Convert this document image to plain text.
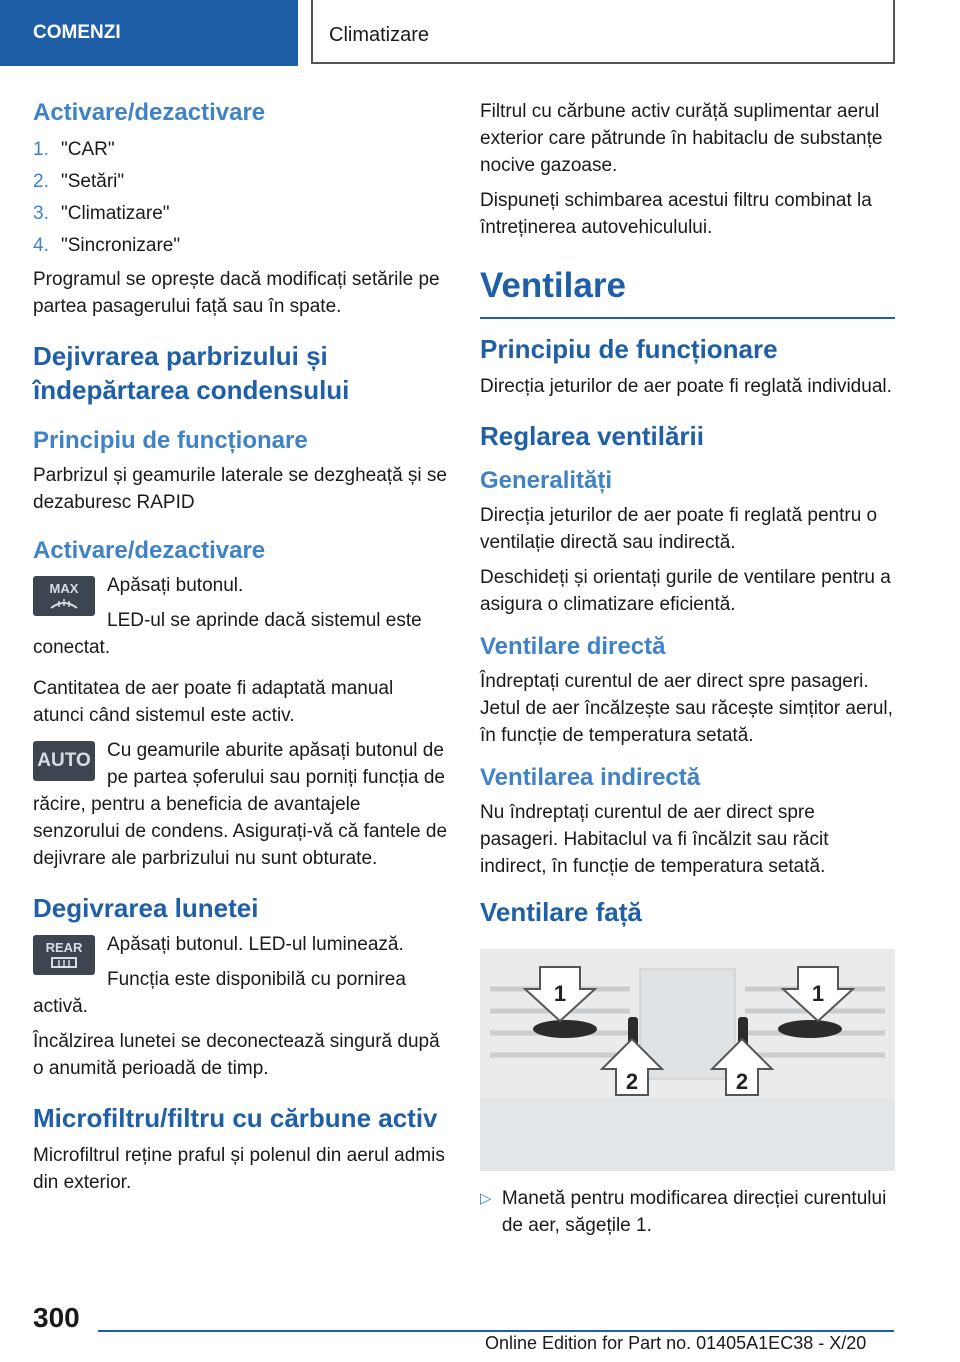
COMENZI	Climatizare
Activare/dezactivare
1. "CAR"
2. "Setări"
3. "Climatizare"
4. "Sincronizare"

Programul se oprește dacă modificați setările pe partea pasagerului față sau în spate.

Dejivrarea parbrizului și îndepărtarea condensului
Principiu de funcționare

Parbrizul și geamurile laterale se dezgheață și se dezaburesc RAPID

Activare/dezactivare
MAX	Apăsați butonul.

LED-ul se aprinde dacă sistemul este conectat.

Cantitatea de aer poate fi adaptată manual atunci când sistemul este activ.

AUTO Cu geamurile aburite apăsați butonul de pe partea șoferului sau porniți funcția de răcire, pentru a beneficia de avantajele senzorului de condens. Asigurați-vă că fantele de dejivrare ale parbrizului nu sunt obturate.

Degivrarea lunetei
REAR	Apăsați butonul. LED-ul luminează.

Funcția este disponibilă cu pornirea activă.

Încălzirea lunetei se deconectează singură după o anumită perioadă de timp.

Microfiltru/filtru cu cărbune activ

Microfiltrul reține praful și polenul din aerul admis din exterior.

Filtrul cu cărbune activ curăță suplimentar aerul exterior care pătrunde în habitaclu de substanțe nocive gazoase.

Dispuneți schimbarea acestui filtru combinat la întreținerea autovehiculului.

Ventilare
Principiu de funcționare

Direcția jeturilor de aer poate fi reglată individual.

Reglarea ventilării
Generalități

Direcția jeturilor de aer poate fi reglată pentru o ventilație directă sau indirectă.

Deschideți și orientați gurile de ventilare pentru a asigura o climatizare eficientă.

Ventilare directă

Îndreptați curentul de aer direct spre pasageri. Jetul de aer încălzește sau răcește simțitor aerul, în funcție de temperatura setată.

Ventilarea indirectă

Nu îndreptați curentul de aer direct spre pasageri. Habitaclul va fi încălzit sau răcit indirect, în funcție de temperatura setată.

Ventilare față
1	1
2	2
▷ Manetă pentru modificarea direcției curentului de aer, săgețile 1.
300
Online Edition for Part no. 01405A1EC38 - X/20
